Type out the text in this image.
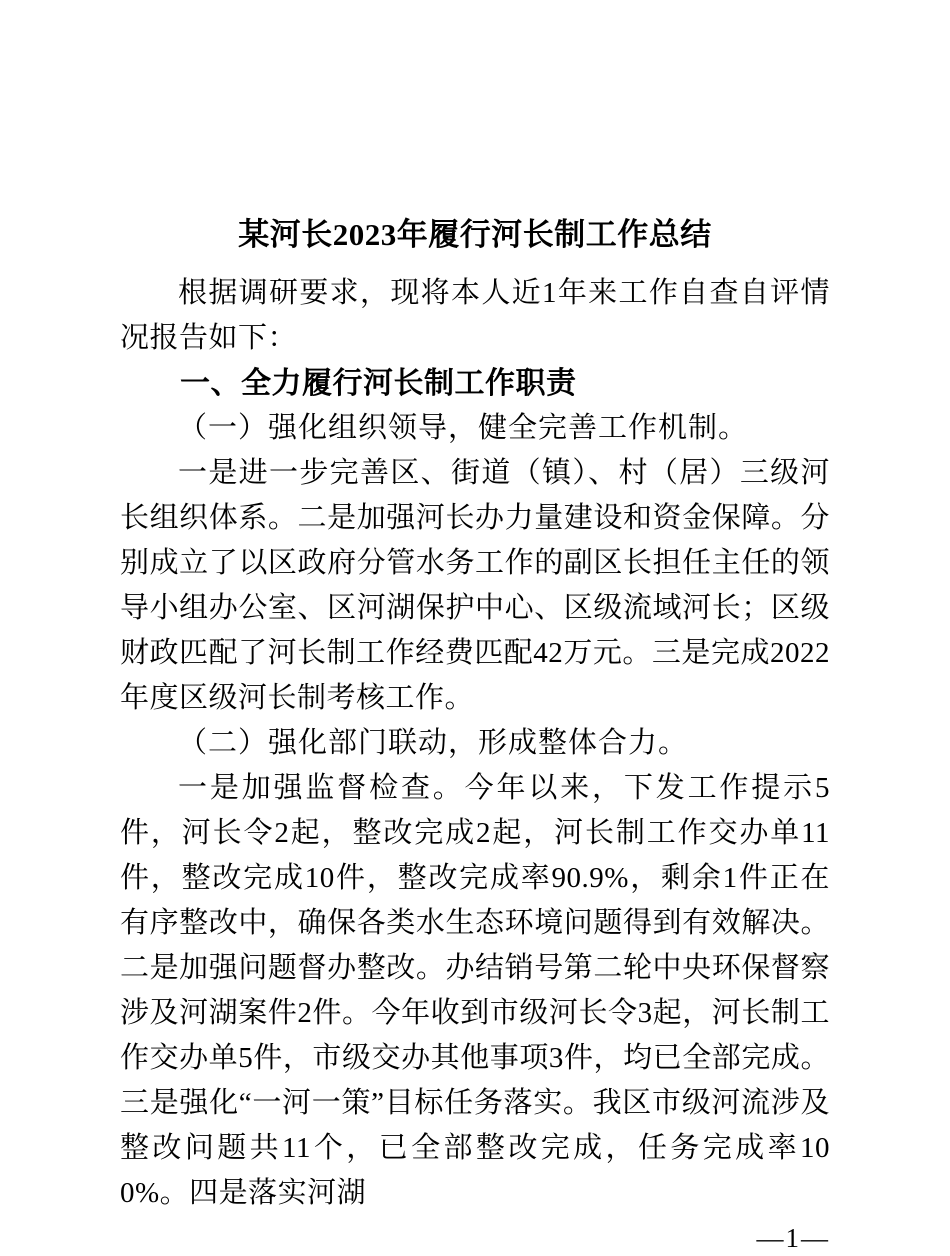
某河长2023年履行河长制工作总结

根据调研要求，现将本人近1年来工作自查自评情况报告如下：

一、全力履行河长制工作职责
（一）强化组织领导，健全完善工作机制。

一是进一步完善区、街道（镇）、村（居）三级河长组织体系。二是加强河长办力量建设和资金保障。分别成立了以区政府分管水务工作的副区长担任主任的领导小组办公室、区河湖保护中心、区级流域河长；区级财政匹配了河长制工作经费匹配42万元。三是完成2022年度区级河长制考核工作。

（二）强化部门联动，形成整体合力。

一是加强监督检查。今年以来，下发工作提示5件，河长令2起，整改完成2起，河长制工作交办单11件，整改完成10件，整改完成率90.9%，剩余1件正在有序整改中，确保各类水生态环境问题得到有效解决。二是加强问题督办整改。办结销号第二轮中央环保督察涉及河湖案件2件。今年收到市级河长令3起，河长制工作交办单5件，市级交办其他事项3件，均已全部完成。三是强化“一河一策”目标任务落实。我区市级河流涉及整改问题共11个，已全部整改完成，任务完成率100%。四是落实河湖

—1—
